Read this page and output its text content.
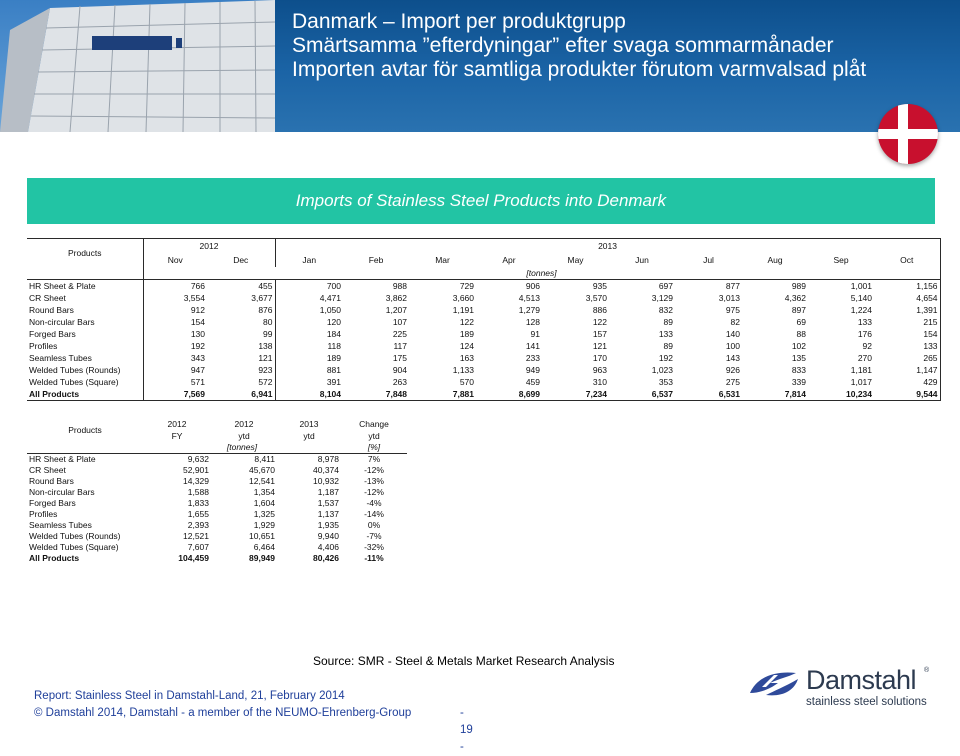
Danmark – Import per produktgrupp
Smärtsamma ”efterdyningar” efter svaga sommarmånader
Importen avtar för samtliga produkter förutom varmvalsad plåt
Imports of Stainless Steel Products into Denmark
Products	2012		2013									
	Nov	Dec	Jan	Feb	Mar	Apr	May	Jun	Jul	Aug	Sep	Oct
	[tonnes]											
HR Sheet & Plate	766	455	700	988	729	906	935	697	877	989	1,001	1,156
CR Sheet	3,554	3,677	4,471	3,862	3,660	4,513	3,570	3,129	3,013	4,362	5,140	4,654
Round Bars	912	876	1,050	1,207	1,191	1,279	886	832	975	897	1,224	1,391
Non-circular Bars	154	80	120	107	122	128	122	89	82	69	133	215
Forged Bars	130	99	184	225	189	91	157	133	140	88	176	154
Profiles	192	138	118	117	124	141	121	89	100	102	92	133
Seamless Tubes	343	121	189	175	163	233	170	192	143	135	270	265
Welded Tubes (Rounds)	947	923	881	904	1,133	949	963	1,023	926	833	1,181	1,147
Welded Tubes (Square)	571	572	391	263	570	459	310	353	275	339	1,017	429
All Products	7,569	6,941	8,104	7,848	7,881	8,699	7,234	6,537	6,531	7,814	10,234	9,544
Products	2012	2012	2013	Change
	FY	ytd	ytd	ytd
	[tonnes]			[%]
HR Sheet & Plate	9,632	8,411	8,978	7%
CR Sheet	52,901	45,670	40,374	-12%
Round Bars	14,329	12,541	10,932	-13%
Non-circular Bars	1,588	1,354	1,187	-12%
Forged Bars	1,833	1,604	1,537	-4%
Profiles	1,655	1,325	1,137	-14%
Seamless Tubes	2,393	1,929	1,935	0%
Welded Tubes (Rounds)	12,521	10,651	9,940	-7%
Welded Tubes (Square)	7,607	6,464	4,406	-32%
All Products	104,459	89,949	80,426	-11%
Source: SMR - Steel & Metals Market Research Analysis
Report: Stainless Steel in Damstahl-Land, 21, February 2014
© Damstahl 2014, Damstahl - a member of the NEUMO-Ehrenberg-Group	- 19 -
Damstahl ®
stainless steel solutions
